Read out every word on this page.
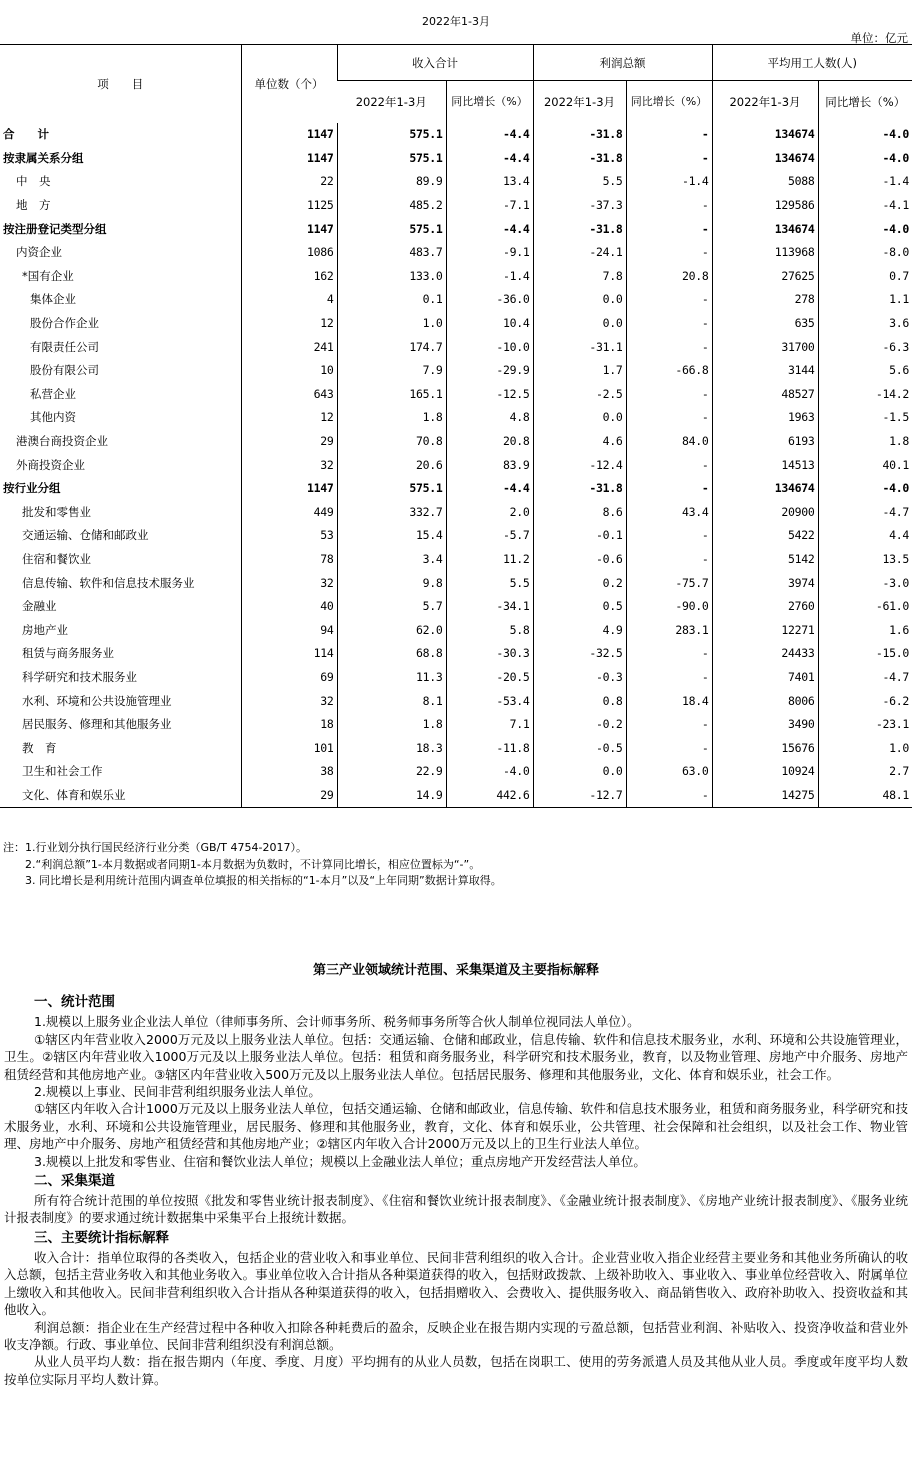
2022年1-3月
单位：亿元
项　　目	单位数（个）	收入合计		利润总额		平均用工人数(人)	
		2022年1-3月	同比增长（%）	2022年1-3月	同比增长（%）	2022年1-3月	同比增长（%）
合　　计	1147	575.1	-4.4	-31.8	-	134674	-4.0
按隶属关系分组	1147	575.1	-4.4	-31.8	-	134674	-4.0
中　央	22	89.9	13.4	5.5	-1.4	5088	-1.4
地　方	1125	485.2	-7.1	-37.3	-	129586	-4.1
按注册登记类型分组	1147	575.1	-4.4	-31.8	-	134674	-4.0
内资企业	1086	483.7	-9.1	-24.1	-	113968	-8.0
*国有企业	162	133.0	-1.4	7.8	20.8	27625	0.7
集体企业	4	0.1	-36.0	0.0	-	278	1.1
股份合作企业	12	1.0	10.4	0.0	-	635	3.6
有限责任公司	241	174.7	-10.0	-31.1	-	31700	-6.3
股份有限公司	10	7.9	-29.9	1.7	-66.8	3144	5.6
私营企业	643	165.1	-12.5	-2.5	-	48527	-14.2
其他内资	12	1.8	4.8	0.0	-	1963	-1.5
港澳台商投资企业	29	70.8	20.8	4.6	84.0	6193	1.8
外商投资企业	32	20.6	83.9	-12.4	-	14513	40.1
按行业分组	1147	575.1	-4.4	-31.8	-	134674	-4.0
批发和零售业	449	332.7	2.0	8.6	43.4	20900	-4.7
交通运输、仓储和邮政业	53	15.4	-5.7	-0.1	-	5422	4.4
住宿和餐饮业	78	3.4	11.2	-0.6	-	5142	13.5
信息传输、软件和信息技术服务业	32	9.8	5.5	0.2	-75.7	3974	-3.0
金融业	40	5.7	-34.1	0.5	-90.0	2760	-61.0
房地产业	94	62.0	5.8	4.9	283.1	12271	1.6
租赁与商务服务业	114	68.8	-30.3	-32.5	-	24433	-15.0
科学研究和技术服务业	69	11.3	-20.5	-0.3	-	7401	-4.7
水利、环境和公共设施管理业	32	8.1	-53.4	0.8	18.4	8006	-6.2
居民服务、修理和其他服务业	18	1.8	7.1	-0.2	-	3490	-23.1
教　育	101	18.3	-11.8	-0.5	-	15676	1.0
卫生和社会工作	38	22.9	-4.0	0.0	63.0	10924	2.7
文化、体育和娱乐业	29	14.9	442.6	-12.7	-	14275	48.1
注：1.行业划分执行国民经济行业分类（GB/T 4754-2017）。
　　2.“利润总额”1-本月数据或者同期1-本月数据为负数时，不计算同比增长，相应位置标为“-”。
　　3. 同比增长是利用统计范围内调查单位填报的相关指标的“1-本月”以及“上年同期”数据计算取得。
第三产业领域统计范围、采集渠道及主要指标解释
一、统计范围

1.规模以上服务业企业法人单位（律师事务所、会计师事务所、税务师事务所等合伙人制单位视同法人单位）。

①辖区内年营业收入2000万元及以上服务业法人单位。包括：交通运输、仓储和邮政业，信息传输、软件和信息技术服务业，水利、环境和公共设施管理业，卫生。②辖区内年营业收入1000万元及以上服务业法人单位。包括：租赁和商务服务业，科学研究和技术服务业，教育，以及物业管理、房地产中介服务、房地产租赁经营和其他房地产业。③辖区内年营业收入500万元及以上服务业法人单位。包括居民服务、修理和其他服务业，文化、体育和娱乐业，社会工作。

2.规模以上事业、民间非营利组织服务业法人单位。

①辖区内年收入合计1000万元及以上服务业法人单位，包括交通运输、仓储和邮政业，信息传输、软件和信息技术服务业，租赁和商务服务业，科学研究和技术服务业，水利、环境和公共设施管理业，居民服务、修理和其他服务业，教育，文化、体育和娱乐业，公共管理、社会保障和社会组织，以及社会工作、物业管理、房地产中介服务、房地产租赁经营和其他房地产业；②辖区内年收入合计2000万元及以上的卫生行业法人单位。

3.规模以上批发和零售业、住宿和餐饮业法人单位；规模以上金融业法人单位；重点房地产开发经营法人单位。

二、采集渠道

所有符合统计范围的单位按照《批发和零售业统计报表制度》、《住宿和餐饮业统计报表制度》、《金融业统计报表制度》、《房地产业统计报表制度》、《服务业统计报表制度》的要求通过统计数据集中采集平台上报统计数据。

三、主要统计指标解释

收入合计：指单位取得的各类收入，包括企业的营业收入和事业单位、民间非营利组织的收入合计。企业营业收入指企业经营主要业务和其他业务所确认的收入总额，包括主营业务收入和其他业务收入。事业单位收入合计指从各种渠道获得的收入，包括财政拨款、上级补助收入、事业收入、事业单位经营收入、附属单位上缴收入和其他收入。民间非营利组织收入合计指从各种渠道获得的收入，包括捐赠收入、会费收入、提供服务收入、商品销售收入、政府补助收入、投资收益和其他收入。

利润总额：指企业在生产经营过程中各种收入扣除各种耗费后的盈余，反映企业在报告期内实现的亏盈总额，包括营业利润、补贴收入、投资净收益和营业外收支净额。行政、事业单位、民间非营利组织没有利润总额。

从业人员平均人数：指在报告期内（年度、季度、月度）平均拥有的从业人员数，包括在岗职工、使用的劳务派遣人员及其他从业人员。季度或年度平均人数按单位实际月平均人数计算。
